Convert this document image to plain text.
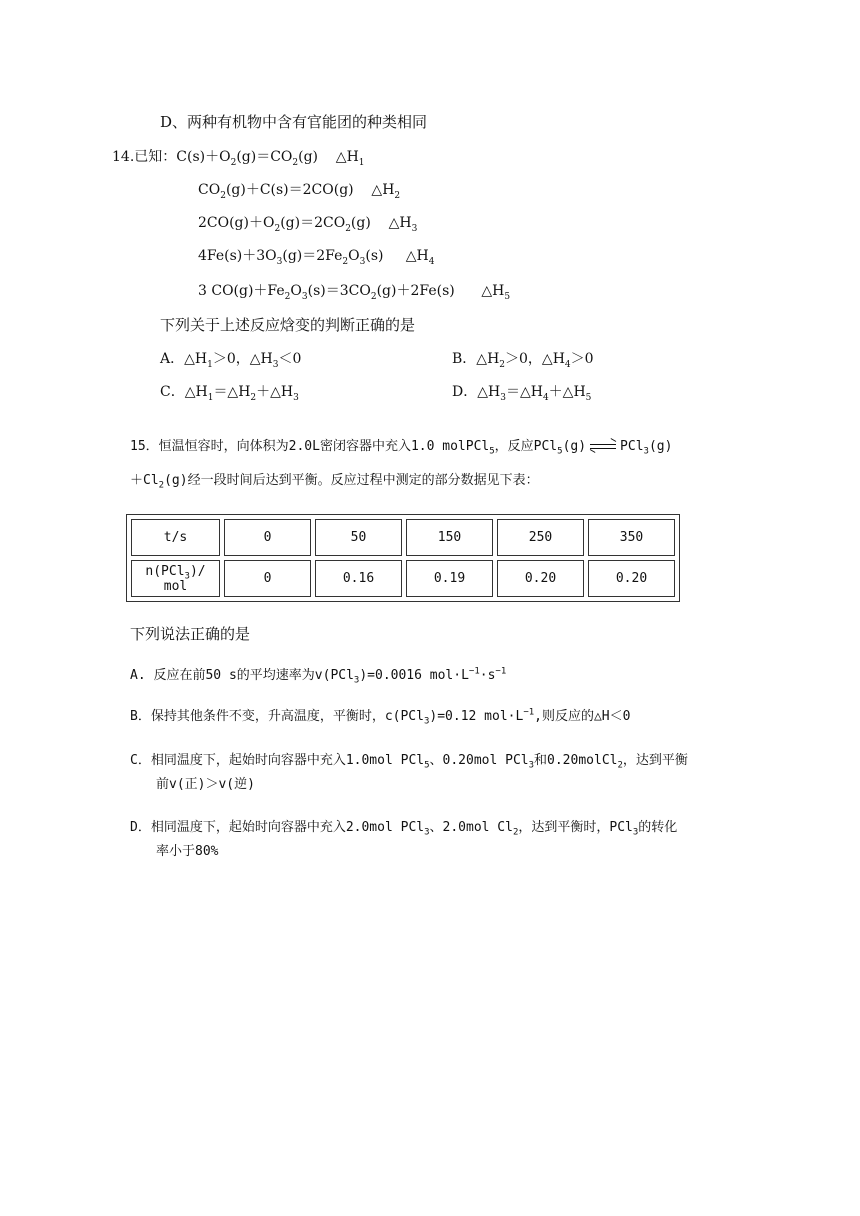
D、两种有机物中含有官能团的种类相同
14.已知：$C(s)+O_2(g)=CO_2(g)$    $\triangle H_1$
$CO_2(g)+C(s)=2CO(g)$    $\triangle H_2$
$2CO(g)+O_2(g)=2CO_2(g)$    $\triangle H_3$
$4Fe(s)+3O_3(g)=2Fe_2O_3(s)$     $\triangle H_4$
3 $CO(g)+Fe_2O_3(s)=3CO_2(g)+2Fe(s)$      $\triangle H_5$
下列关于上述反应焓变的判断正确的是
A．$\triangle H_1>0$，$\triangle H_3<0$	B．$\triangle H_2>0$，$\triangle H_4>0$
C．$\triangle H_1=\triangle H_2+\triangle H_3$	D．$\triangle H_3=\triangle H_4+\triangle H_5$
15．恒温恒容时，向体积为2.0L密闭容器中充入1.0 molPCl$_5$，反应PCl$_5$(g)	PCl$_3$(g)
$+Cl_2(g)$经一段时间后达到平衡。反应过程中测定的部分数据见下表：
t/s	0	50	150	250	350
n(PCl$_3$)/ mol	0	0.16	0.19	0.20	0.20
下列说法正确的是
A. 反应在前50 s的平均速率为v(PCl$_3$)=0.0016 $mol\cdot L^{-1}\cdot s^{-1}$
B．保持其他条件不变，升高温度，平衡时，c(PCl$_3$)=0.12 $mol\cdot L^{-1}$,则反应的△H＜0
C．相同温度下，起始时向容器中充入1.0mol PCl$_5$、0.20mol PCl$_3$和0.20molCl$_2$，达到平衡
前v(正)＞v(逆)
D．相同温度下，起始时向容器中充入2.0mol PCl$_3$、2.0mol $Cl_2$，达到平衡时，PCl$_3$的转化
率小于80%
